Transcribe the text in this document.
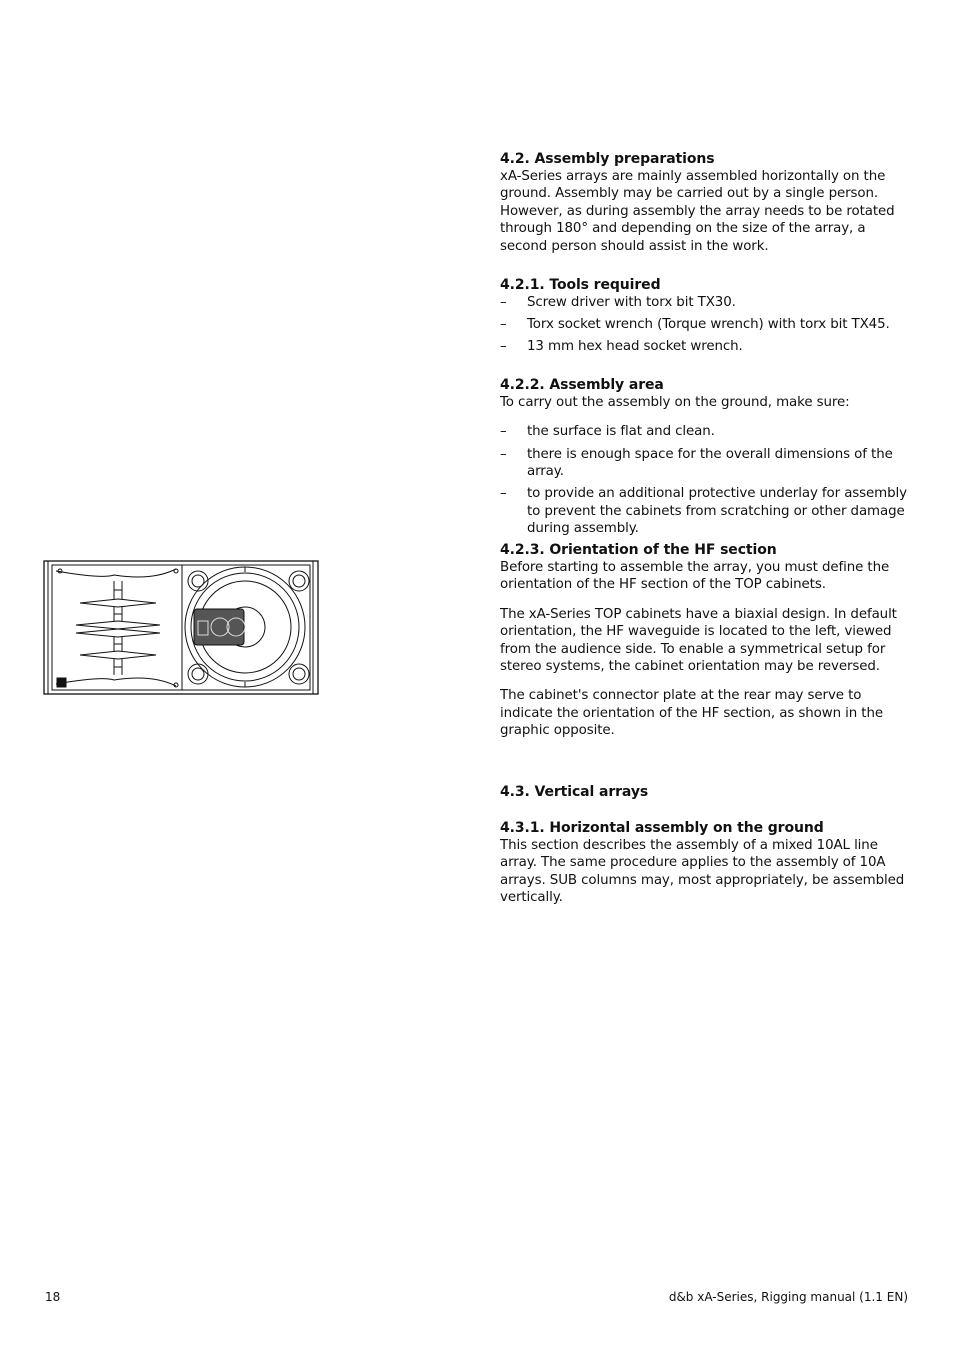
4.2. Assembly preparations

xA-Series arrays are mainly assembled horizontally on the ground. Assembly may be carried out by a single person. However, as during assembly the array needs to be rotated through 180° and depending on the size of the array, a second person should assist in the work.

4.2.1. Tools required

– Screw driver with torx bit TX30.
– Torx socket wrench (Torque wrench) with torx bit TX45.
– 13 mm hex head socket wrench.

4.2.2. Assembly area

To carry out the assembly on the ground, make sure:

– the surface is flat and clean.
– there is enough space for the overall dimensions of the array.
– to provide an additional protective underlay for assembly to prevent the cabinets from scratching or other damage during assembly.

4.2.3. Orientation of the HF section

Before starting to assemble the array, you must define the orientation of the HF section of the TOP cabinets.

The xA-Series TOP cabinets have a biaxial design. In default orientation, the HF waveguide is located to the left, viewed from the audience side. To enable a symmetrical setup for stereo systems, the cabinet orientation may be reversed.

The cabinet's connector plate at the rear may serve to indicate the orientation of the HF section, as shown in the graphic opposite.

4.3. Vertical arrays

4.3.1. Horizontal assembly on the ground

This section describes the assembly of a mixed 10AL line array. The same procedure applies to the assembly of 10A arrays. SUB columns may, most appropriately, be assembled vertically.

18	d&b xA-Series, Rigging manual (1.1 EN)
